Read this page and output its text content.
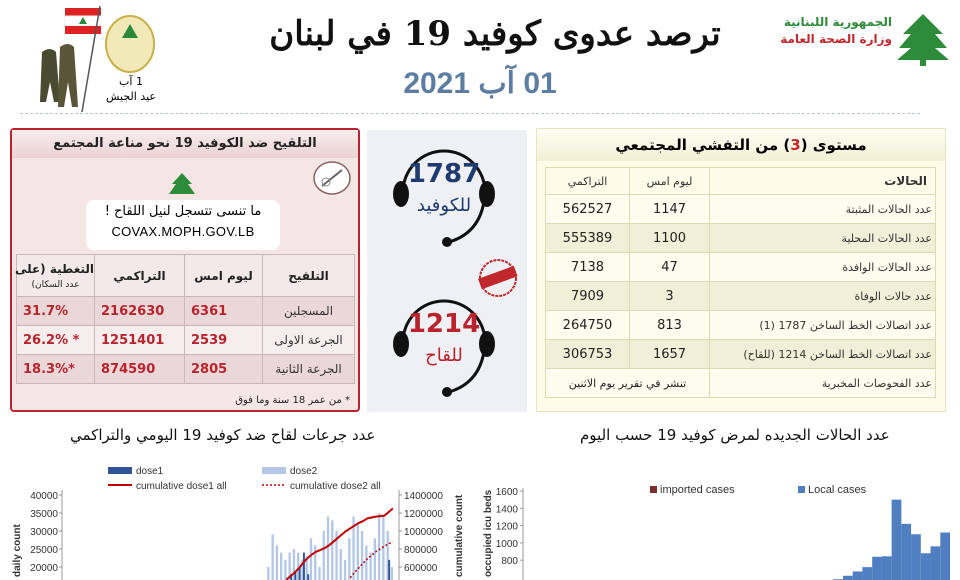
ترصد عدوى كوفيد 19 في لبنان
01 آب 2021
الجمهورية اللبنانية
وزارة الصحة العامة
1 آب
عيد الجيش
التلقيح ضد الكوفيد 19 نحو مناعة المجتمع
ما تنسى تتسجل لنيل اللقاح !
COVAX.MOPH.GOV.LB
التلقيح	ليوم امس	التراكمي	التغطية (على
عدد السكان)
المسجلين	6361	2162630	31.7%
الجرعة الاولى	2539	1251401	* 26.2%
الجرعة الثانية	2805	874590	*18.3%
* من عمر 18 سنة وما فوق
1787
للكوفيد
1214
للقاح
مستوى (3) من التفشي المجتمعي
الحالات	ليوم امس	التراكمي
عدد الحالات المثبتة	1147	562527
عدد الحالات المحلية	1100	555389
عدد الحالات الوافدة	47	7138
عدد حالات الوفاة	3	7909
عدد اتصالات الخط الساخن 1787 (1)	813	264750
عدد اتصالات الخط الساخن 1214 (للقاح)	1657	306753
عدد الفحوصات المخبرية	تنشر في تقرير يوم الاثنين	
عدد جرعات لقاح ضد كوفيد 19 اليومي والتراكمي	عدد الحالات الجديده لمرض كوفيد 19 حسب اليوم
40000
35000
30000
25000
20000
1400000
1200000
1000000
800000
600000
daily count	cumulative count
dose1	dose2
cumulative dose1 all	cumulative dose2 all
1600
1400
1200
1000
800
occupied icu beds	imported cases	Local cases
